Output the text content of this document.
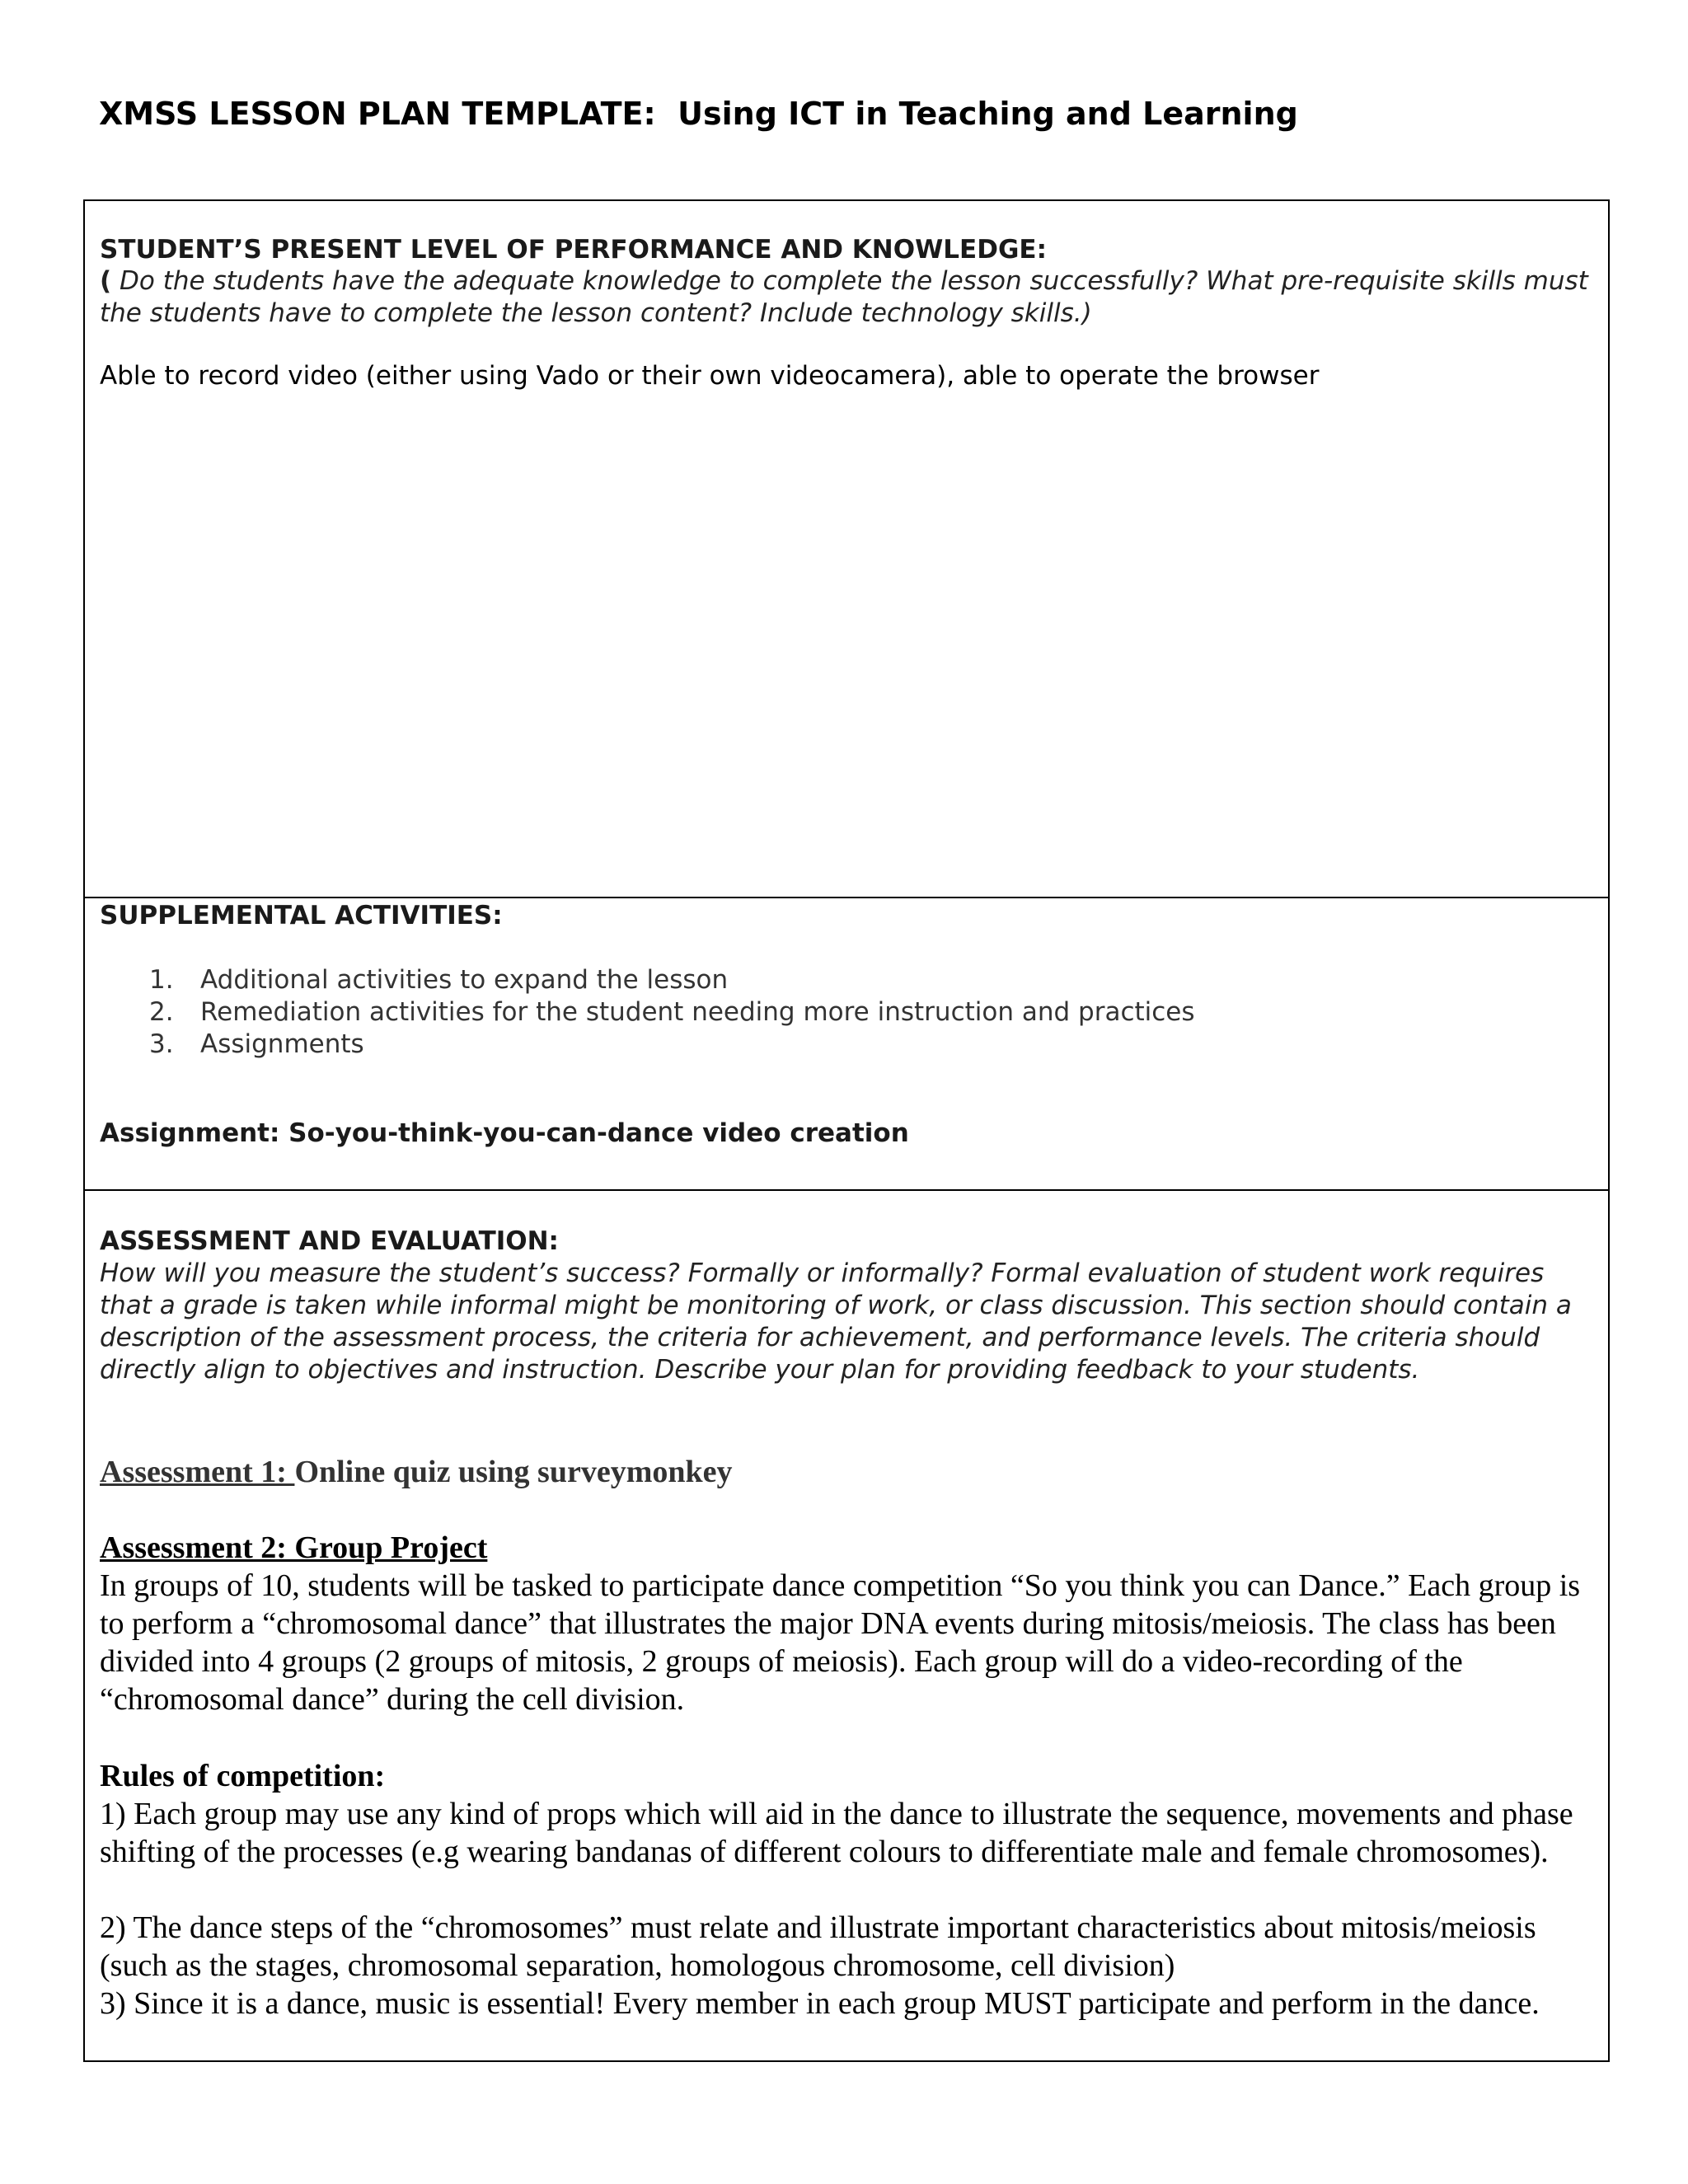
XMSS LESSON PLAN TEMPLATE:  Using ICT in Teaching and Learning
STUDENT’S PRESENT LEVEL OF PERFORMANCE AND KNOWLEDGE:
( Do the students have the adequate knowledge to complete the lesson successfully? What pre-requisite skills must the students have to complete the lesson content? Include technology skills.)
Able to record video (either using Vado or their own videocamera), able to operate the browser
SUPPLEMENTAL ACTIVITIES:
1. Additional activities to expand the lesson
2. Remediation activities for the student needing more instruction and practices
3. Assignments
Assignment: So-you-think-you-can-dance video creation
ASSESSMENT AND EVALUATION:
How will you measure the student’s success? Formally or informally? Formal evaluation of student work requires that a grade is taken while informal might be monitoring of work, or class discussion. This section should contain a description of the assessment process, the criteria for achievement, and performance levels. The criteria should directly align to objectives and instruction. Describe your plan for providing feedback to your students.
Assessment 1: Online quiz using surveymonkey
Assessment 2: Group Project
In groups of 10, students will be tasked to participate dance competition “So you think you can Dance.” Each group is to perform a “chromosomal dance” that illustrates the major DNA events during mitosis/meiosis. The class has been divided into 4 groups (2 groups of mitosis, 2 groups of meiosis). Each group will do a video-recording of the “chromosomal dance” during the cell division.
Rules of competition:
1) Each group may use any kind of props which will aid in the dance to illustrate the sequence, movements and phase shifting of the processes (e.g wearing bandanas of different colours to differentiate male and female chromosomes).
2) The dance steps of the “chromosomes” must relate and illustrate important characteristics about mitosis/meiosis (such as the stages, chromosomal separation, homologous chromosome, cell division)
3) Since it is a dance, music is essential! Every member in each group MUST participate and perform in the dance.
